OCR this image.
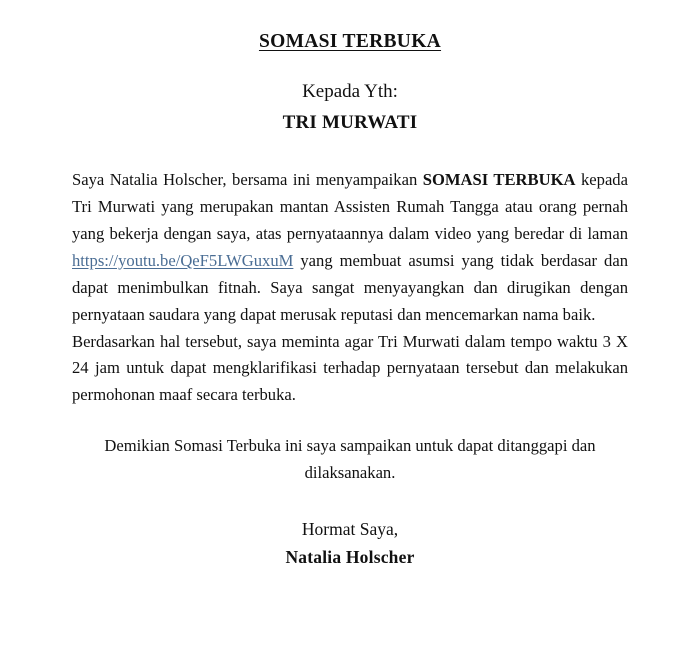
SOMASI TERBUKA
Kepada Yth:
TRI MURWATI

Saya Natalia Holscher, bersama ini menyampaikan SOMASI TERBUKA kepada Tri Murwati yang merupakan mantan Assisten Rumah Tangga atau orang pernah yang bekerja dengan saya, atas pernyataannya dalam video yang beredar di laman https://youtu.be/QeF5LWGuxuM yang membuat asumsi yang tidak berdasar dan dapat menimbulkan fitnah. Saya sangat menyayangkan dan dirugikan dengan pernyataan saudara yang dapat merusak reputasi dan mencemarkan nama baik.

Berdasarkan hal tersebut, saya meminta agar Tri Murwati dalam tempo waktu 3 X 24 jam untuk dapat mengklarifikasi terhadap pernyataan tersebut dan melakukan permohonan maaf secara terbuka.

Demikian Somasi Terbuka ini saya sampaikan untuk dapat ditanggapi dan dilaksanakan.
Hormat Saya,
Natalia Holscher
